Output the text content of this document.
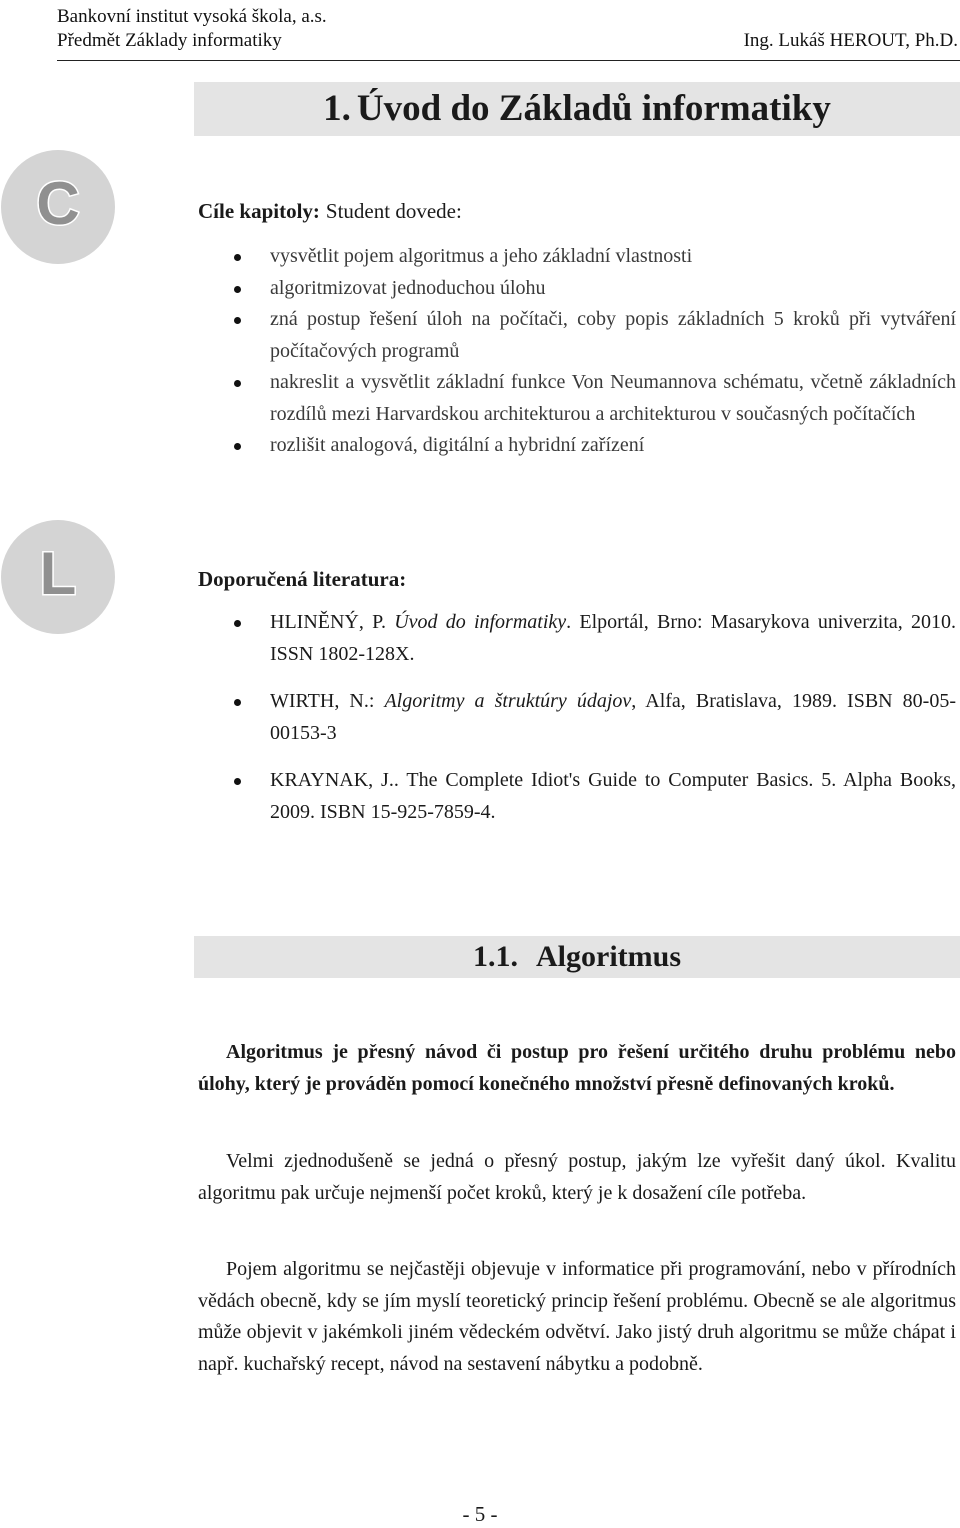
Bankovní institut vysoká škola, a.s.
Předmět Základy informatiky	Ing. Lukáš HEROUT, Ph.D.
1. Úvod do Základů informatiky
C	Cíle kapitoly: Student dovede:
vysvětlit pojem algoritmus a jeho základní vlastnosti
algoritmizovat jednoduchou úlohu
zná postup řešení úloh na počítači, coby popis základních 5 kroků při vytváření počítačových programů
nakreslit a vysvětlit základní funkce Von Neumannova schématu, včetně základních rozdílů mezi Harvardskou architekturou a architekturou v současných počítačích
rozlišit analogová, digitální a hybridní zařízení
L	Doporučená literatura:
HLINĚNÝ, P. Úvod do informatiky. Elportál, Brno: Masarykova univerzita, 2010. ISSN 1802-128X.
WIRTH, N.: Algoritmy a štruktúry údajov, Alfa, Bratislava, 1989. ISBN 80-05-00153-3
KRAYNAK, J.. The Complete Idiot's Guide to Computer Basics. 5. Alpha Books, 2009. ISBN 15-925-7859-4.
1.1. Algoritmus
Algoritmus je přesný návod či postup pro řešení určitého druhu problému nebo úlohy, který je prováděn pomocí konečného množství přesně definovaných kroků.
Velmi zjednodušeně se jedná o přesný postup, jakým lze vyřešit daný úkol. Kvalitu algoritmu pak určuje nejmenší počet kroků, který je k dosažení cíle potřeba.
Pojem algoritmu se nejčastěji objevuje v informatice při programování, nebo v přírodních vědách obecně, kdy se jím myslí teoretický princip řešení problému. Obecně se ale algoritmus může objevit v jakémkoli jiném vědeckém odvětví. Jako jistý druh algoritmu se může chápat i např. kuchařský recept, návod na sestavení nábytku a podobně.
- 5 -
